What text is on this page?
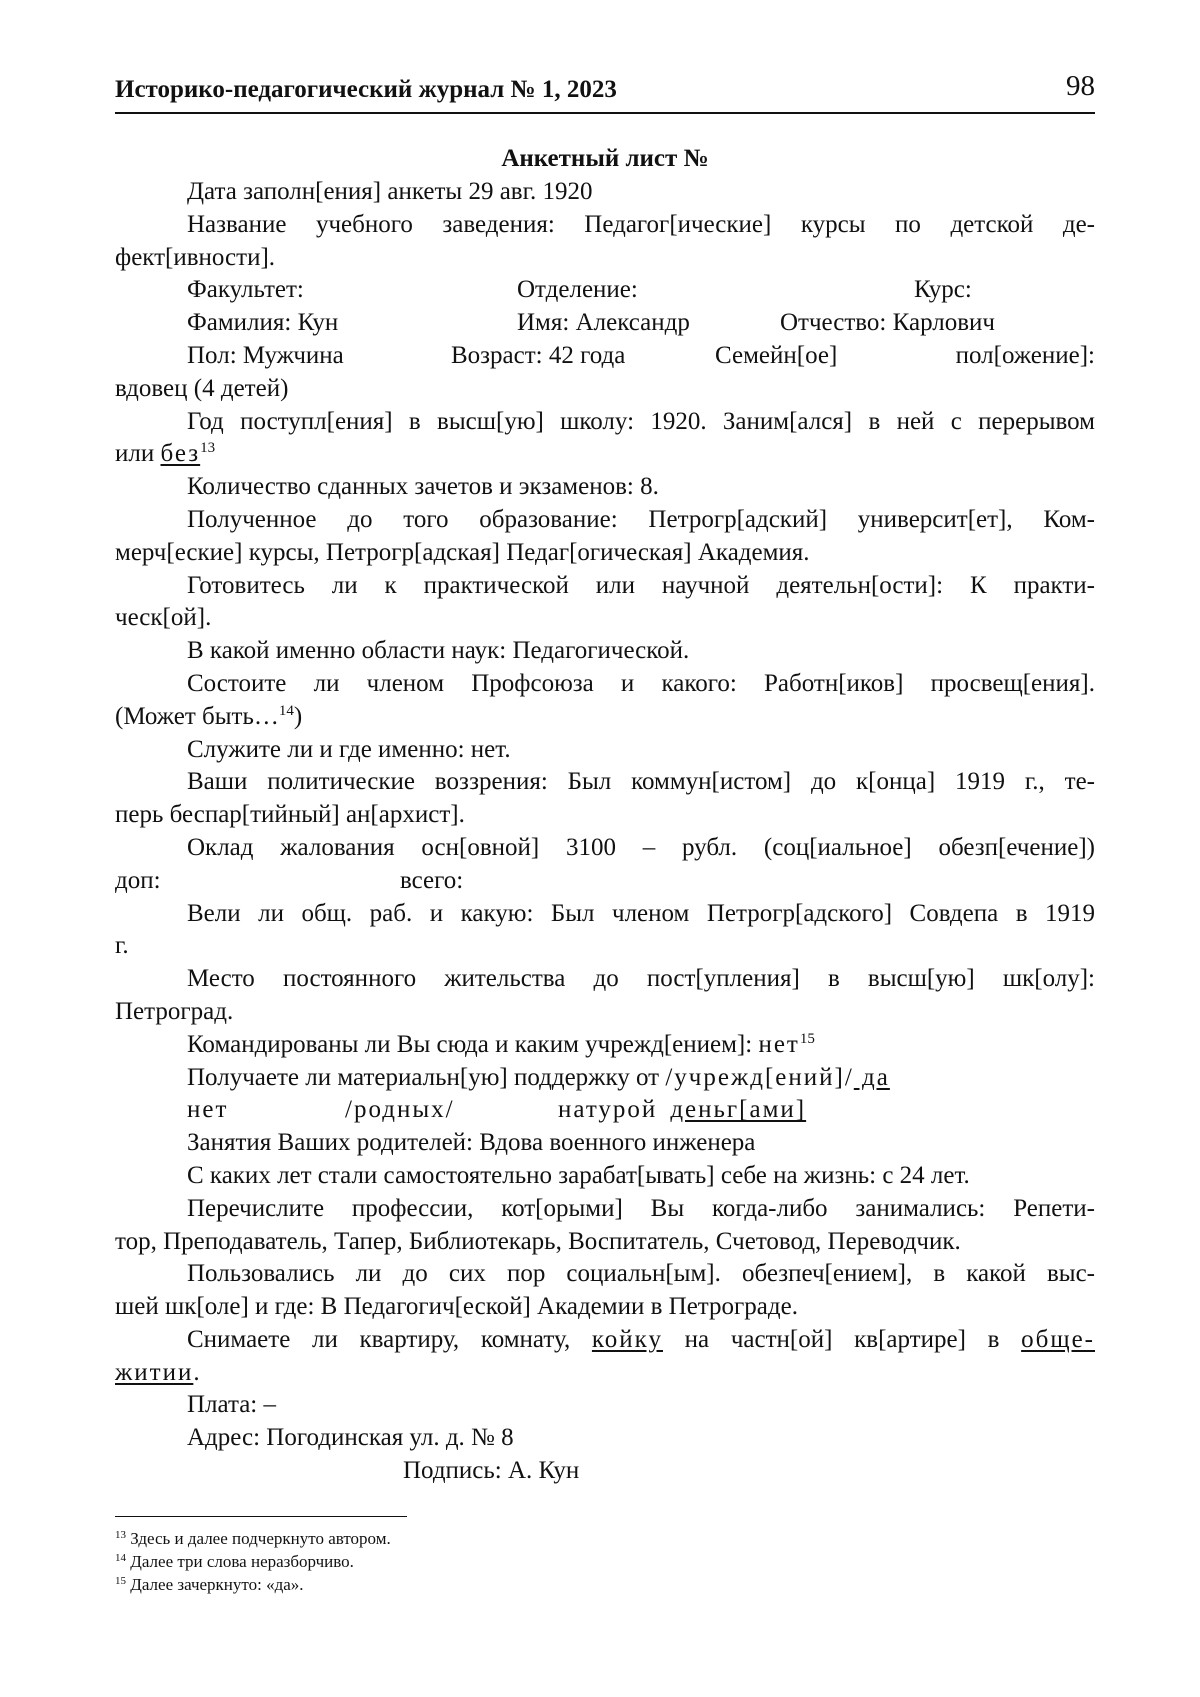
Историко-педагогический журнал № 1, 2023	98
Анкетный лист №

Дата заполн[ения] анкеты 29 авг. 1920

Название учебного заведения: Педагог[ические] курсы по детской де-

фект[ивности].

Факультет:	Отделение:	Курс:
Фамилия: Кун	Имя: Александр	Отчество: Карлович
Пол: Мужчина	Возраст: 42 года	Семейн[ое]	пол[ожение]:

вдовец (4 детей)

Год поступл[ения] в высш[ую] школу: 1920. Заним[ался] в ней с перерывом

или без$^{13}$

Количество сданных зачетов и экзаменов: 8.

Полученное до того образование: Петрогр[адский] университ[ет], Ком-

мерч[еские] курсы, Петрогр[адская] Педаг[огическая] Академия.

Готовитесь ли к практической или научной деятельн[ости]: К практи-

ческ[ой].

В какой именно области наук: Педагогической.

Состоите ли членом Профсоюза и какого: Работн[иков] просвещ[ения].

(Может быть…$^{14}$)

Служите ли и где именно: нет.

Ваши политические воззрения: Был коммун[истом] до к[онца] 1919 г., те-

перь беспар[тийный] ан[архист].

Оклад жалования осн[овной] 3100 – рубл. (соц[иальное] обезп[ечение])

доп:	всего:

Вели ли общ. раб. и какую: Был членом Петрогр[адского] Совдепа в 1919

г.

Место постоянного жительства до пост[упления] в высш[ую] шк[олу]:

Петроград.

Командированы ли Вы сюда и каким учрежд[ением]: нет$^{15}$

Получаете ли материальн[ую] поддержку от /учрежд[ений]/ да

нет	/родных/	натурой деньг[ами]

Занятия Ваших родителей: Вдова военного инженера

С каких лет стали самостоятельно зарабат[ывать] себе на жизнь: с 24 лет.

Перечислите профессии, кот[орыми] Вы когда-либо занимались: Репети-

тор, Преподаватель, Тапер, Библиотекарь, Воспитатель, Счетовод, Переводчик.

Пользовались ли до сих пор социальн[ым]. обезпеч[ением], в какой выс-

шей шк[оле] и где: В Педагогич[еской] Академии в Петрограде.

Снимаете ли квартиру, комнату, койку на частн[ой] кв[артире] в обще-

житии.

Плата: –

Адрес: Погодинская ул. д. № 8

Подпись: А. Кун

$^{13}$ Здесь и далее подчеркнуто автором.
$^{14}$ Далее три слова неразборчиво.
$^{15}$ Далее зачеркнуто: «да».
